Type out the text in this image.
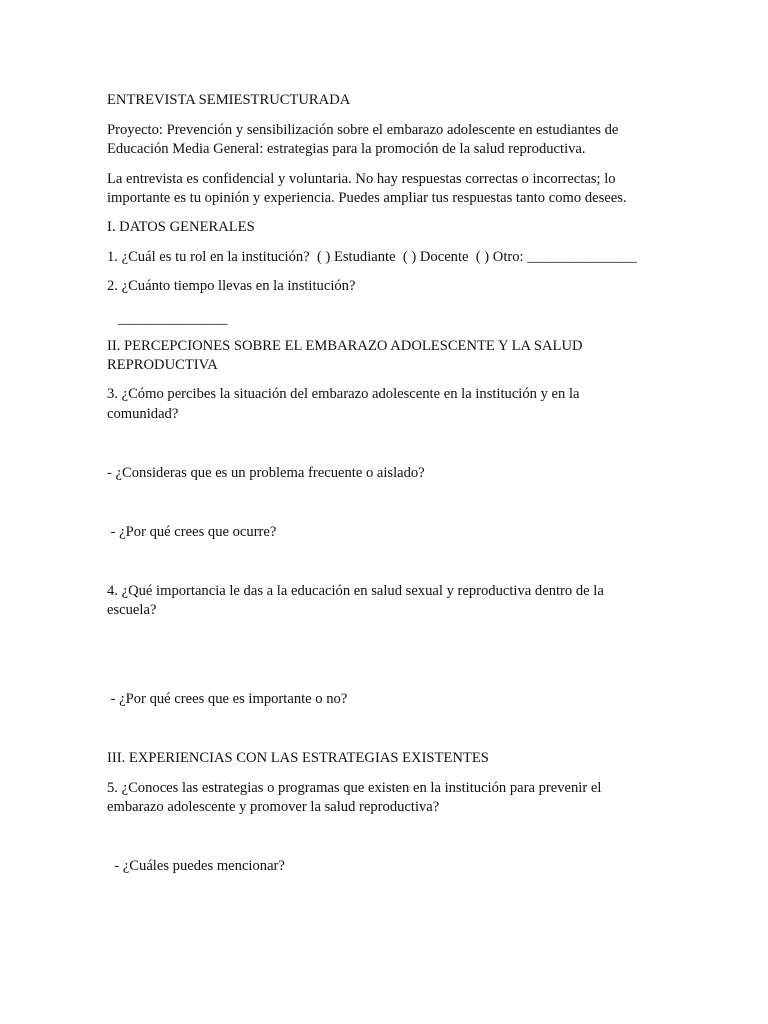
ENTREVISTA SEMIESTRUCTURADA

Proyecto: Prevención y sensibilización sobre el embarazo adolescente en estudiantes de

Educación Media General: estrategias para la promoción de la salud reproductiva.

La entrevista es confidencial y voluntaria. No hay respuestas correctas o incorrectas; lo

importante es tu opinión y experiencia. Puedes ampliar tus respuestas tanto como desees.

I. DATOS GENERALES

1. ¿Cuál es tu rol en la institución?  ( ) Estudiante  ( ) Docente  ( ) Otro: _______________

2. ¿Cuánto tiempo llevas en la institución?

_______________

II. PERCEPCIONES SOBRE EL EMBARAZO ADOLESCENTE Y LA SALUD

REPRODUCTIVA

3. ¿Cómo percibes la situación del embarazo adolescente en la institución y en la

comunidad?

- ¿Consideras que es un problema frecuente o aislado?

- ¿Por qué crees que ocurre?

4. ¿Qué importancia le das a la educación en salud sexual y reproductiva dentro de la

escuela?

- ¿Por qué crees que es importante o no?

III. EXPERIENCIAS CON LAS ESTRATEGIAS EXISTENTES

5. ¿Conoces las estrategias o programas que existen en la institución para prevenir el

embarazo adolescente y promover la salud reproductiva?

- ¿Cuáles puedes mencionar?
